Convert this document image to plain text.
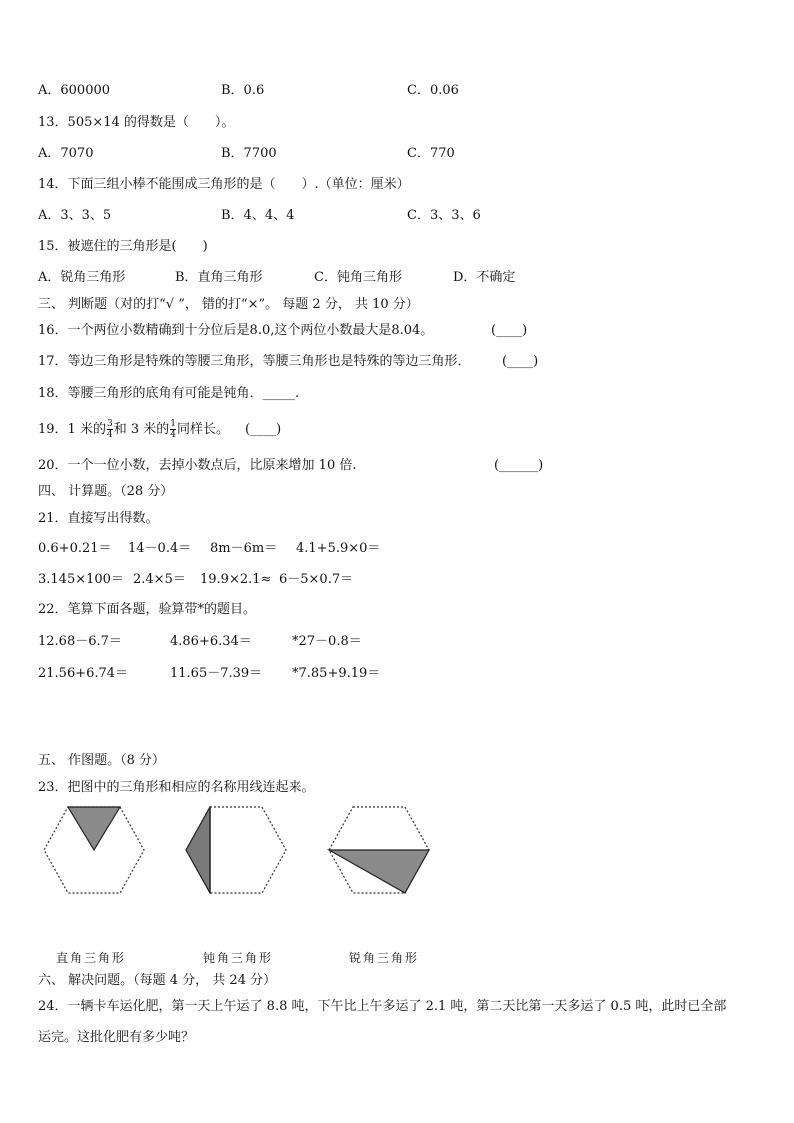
A．600000	B．0.6	C．0.06
13．505×14 的得数是（　　）。
A．7070	B．7700	C．770
14．下面三组小棒不能围成三角形的是（　　）.（单位：厘米）
A．3、3、5	B．4、4、4	C．3、3、6
15．被遮住的三角形是(　　)
A．锐角三角形	B．直角三角形	C．钝角三角形	D．不确定
三、 判断题（对的打“√ ”， 错的打“×”。 每题 2 分， 共 10 分）
16．一个两位小数精确到十分位后是8.0,这个两位小数最大是8.04。	(____)
17．等边三角形是特殊的等腰三角形，等腰三角形也是特殊的等边三角形． (____)
18．等腰三角形的底角有可能是钝角．_____.
19．1 米的 $\frac{3}{4}$ 和 3 米的 $\frac{1}{4}$ 同样长。 (____)
20．一个一位小数，去掉小数点后，比原来增加 10 倍.	(______)
四、 计算题。（28 分）
21．直接写出得数。
0.6+0.21＝ 14－0.4＝ 8m－6m＝ 4.1+5.9×0＝
3.145×100＝ 2.4×5＝ 19.9×2.1≈ 6－5×0.7＝
22．笔算下面各题，验算带*的题目。
12.68－6.7＝	4.86+6.34＝	*27－0.8＝
21.56+6.74＝	11.65－7.39＝ *7.85+9.19＝
五、 作图题。（8 分）
23．把图中的三角形和相应的名称用线连起来。
直角三角形	钝角三角形	锐角三角形
六、 解决问题。（每题 4 分， 共 24 分）
24．一辆卡车运化肥，第一天上午运了 8.8 吨，下午比上午多运了 2.1 吨，第二天比第一天多运了 0.5 吨，此时已全部
运完。这批化肥有多少吨？
